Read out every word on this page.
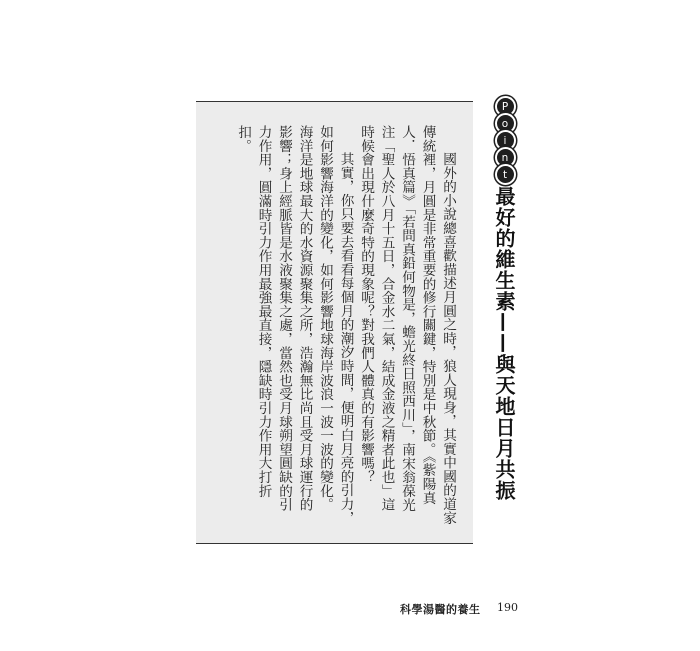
國外的小說總喜歡描述月圓之時，狼人現身，其實中國的道家傳統裡，月圓是非常重要的修行關鍵，特別是中秋節。《紫陽真人．悟真篇》「若問真鉛何物是，蟾光終日照西川」，南宋翁葆光注「聖人於八月十五日，合金水二氣，結成金液之精者此也」這時候會出現什麼奇特的現象呢？對我們人體真的有影響嗎？

其實，你只要去看看每個月的潮汐時間，便明白月亮的引力，如何影響海洋的變化，如何影響地球海岸波浪一波一波的變化。海洋是地球最大的水資源聚集之所，浩瀚無比尚且受月球運行的影響；身上經脈皆是水液聚集之處，當然也受月球朔望圓缺的引力作用，圓滿時引力作用最強最直接，隱缺時引力作用大打折扣。

P
o
i
n
t
最好的維生素——與天地日月共振
科學湯醫的養生 190
